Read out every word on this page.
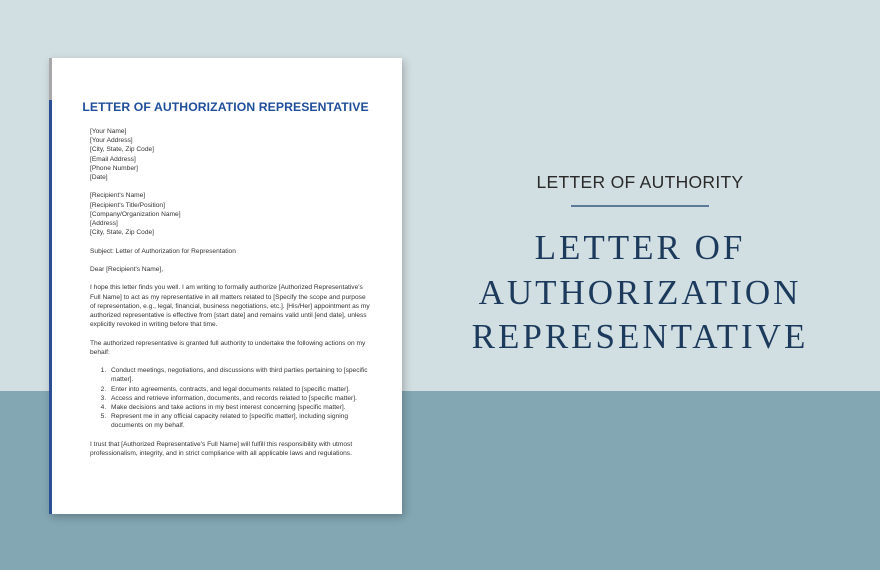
LETTER OF AUTHORIZATION REPRESENTATIVE
[Your Name]
[Your Address]
[City, State, Zip Code]
[Email Address]
[Phone Number]
[Date]
[Recipient's Name]
[Recipient's Title/Position]
[Company/Organization Name]
[Address]
[City, State, Zip Code]
Subject: Letter of Authorization for Representation
Dear [Recipient's Name],
I hope this letter finds you well. I am writing to formally authorize [Authorized Representative's Full Name] to act as my representative in all matters related to [Specify the scope and purpose of representation, e.g., legal, financial, business negotiations, etc.]. [His/Her] appointment as my authorized representative is effective from [start date] and remains valid until [end date], unless explicitly revoked in writing before that time.
The authorized representative is granted full authority to undertake the following actions on my behalf:
1. Conduct meetings, negotiations, and discussions with third parties pertaining to [specific matter].
2. Enter into agreements, contracts, and legal documents related to [specific matter].
3. Access and retrieve information, documents, and records related to [specific matter].
4. Make decisions and take actions in my best interest concerning [specific matter].
5. Represent me in any official capacity related to [specific matter], including signing documents on my behalf.
I trust that [Authorized Representative's Full Name] will fulfill this responsibility with utmost professionalism, integrity, and in strict compliance with all applicable laws and regulations.
LETTER OF AUTHORITY
LETTER OF
AUTHORIZATION
REPRESENTATIVE
